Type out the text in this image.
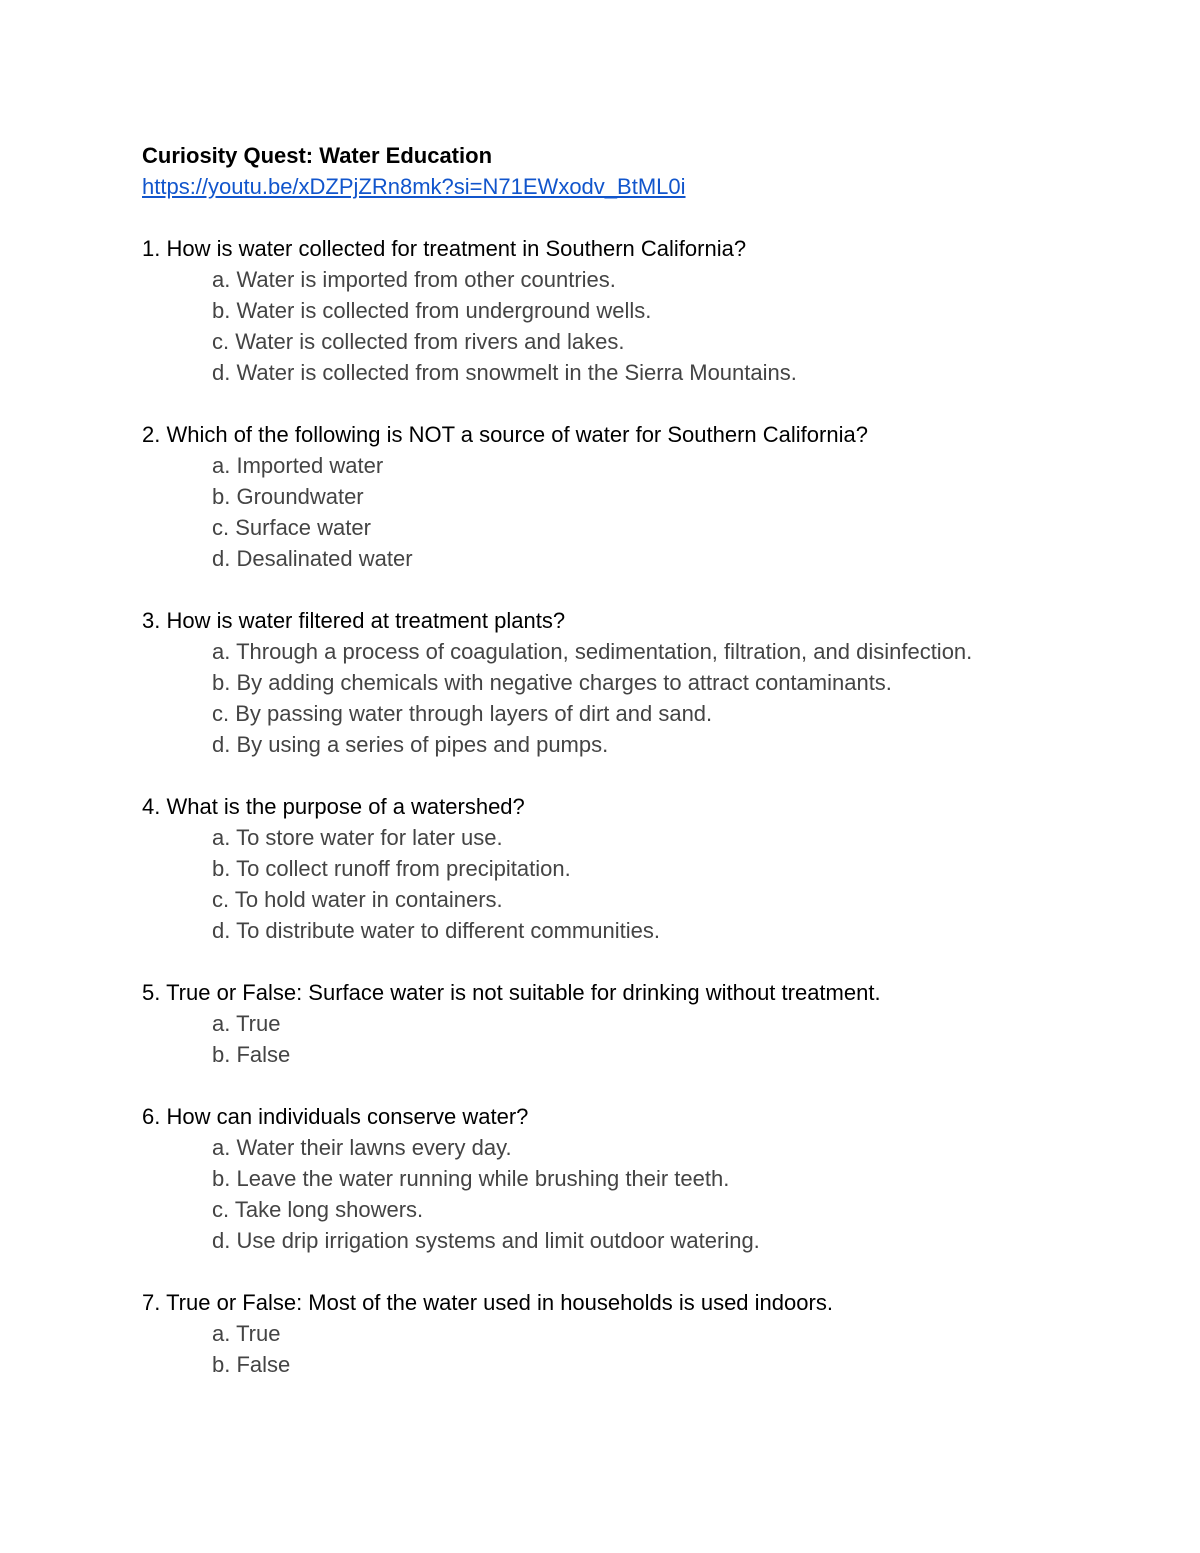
Curiosity Quest: Water Education
https://youtu.be/xDZPjZRn8mk?si=N71EWxodv_BtML0i

1. How is water collected for treatment in Southern California?

a. Water is imported from other countries.
b. Water is collected from underground wells.
c. Water is collected from rivers and lakes.
d. Water is collected from snowmelt in the Sierra Mountains.

2. Which of the following is NOT a source of water for Southern California?

a. Imported water
b. Groundwater
c. Surface water
d. Desalinated water

3. How is water filtered at treatment plants?

a. Through a process of coagulation, sedimentation, filtration, and disinfection.
b. By adding chemicals with negative charges to attract contaminants.
c. By passing water through layers of dirt and sand.
d. By using a series of pipes and pumps.

4. What is the purpose of a watershed?

a. To store water for later use.
b. To collect runoff from precipitation.
c. To hold water in containers.
d. To distribute water to different communities.

5. True or False: Surface water is not suitable for drinking without treatment.

a. True
b. False

6. How can individuals conserve water?

a. Water their lawns every day.
b. Leave the water running while brushing their teeth.
c. Take long showers.
d. Use drip irrigation systems and limit outdoor watering.

7. True or False: Most of the water used in households is used indoors.

a. True
b. False
